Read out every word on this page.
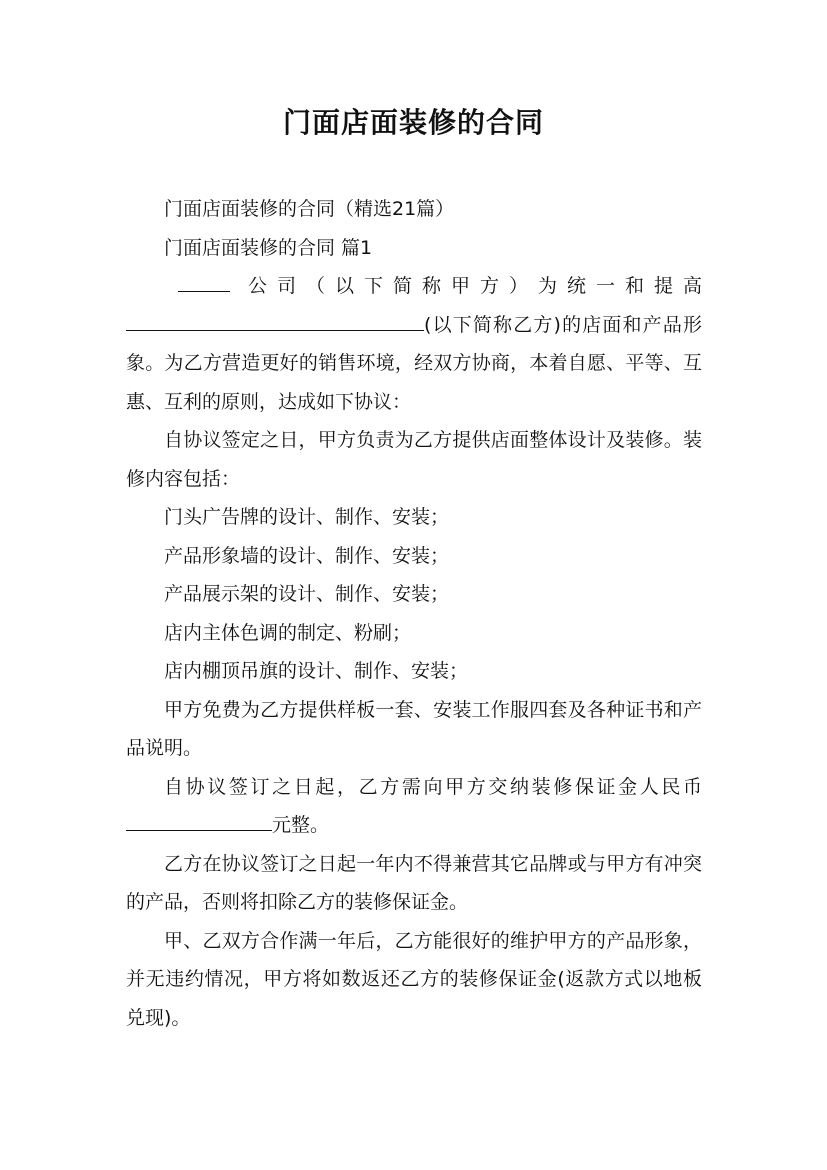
门面店面装修的合同

门面店面装修的合同（精选21篇）

门面店面装修的合同 篇1

公司（以下简称甲方）为统一和提高
(以下简称乙方)的店面和产品形象。为乙方营造更好的销售环境，经双方协商，本着自愿、平等、互惠、互利的原则，达成如下协议：

自协议签定之日，甲方负责为乙方提供店面整体设计及装修。装修内容包括：

门头广告牌的设计、制作、安装；

产品形象墙的设计、制作、安装；

产品展示架的设计、制作、安装；

店内主体色调的制定、粉刷；

店内棚顶吊旗的设计、制作、安装；

甲方免费为乙方提供样板一套、安装工作服四套及各种证书和产品说明。

自协议签订之日起，乙方需向甲方交纳装修保证金人民币元整。

乙方在协议签订之日起一年内不得兼营其它品牌或与甲方有冲突的产品，否则将扣除乙方的装修保证金。

甲、乙双方合作满一年后，乙方能很好的维护甲方的产品形象，并无违约情况，甲方将如数返还乙方的装修保证金(返款方式以地板兑现)。
